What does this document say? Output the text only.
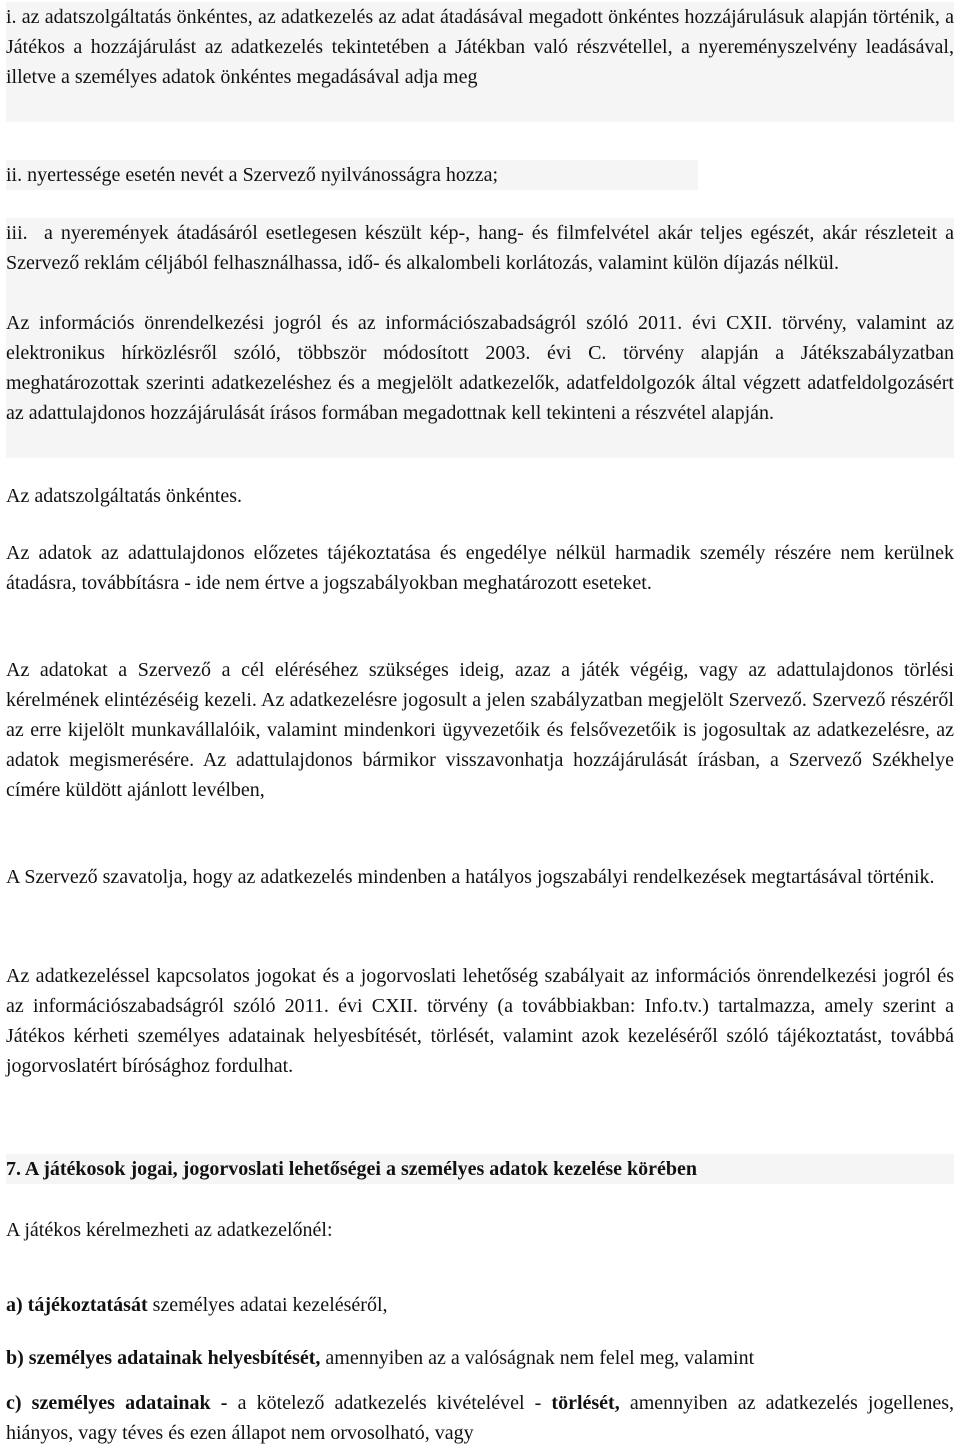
i. az adatszolgáltatás önkéntes, az adatkezelés az adat átadásával megadott önkéntes hozzájárulásuk alapján történik, a Játékos a hozzájárulást az adatkezelés tekintetében a Játékban való részvétellel, a nyereményszelvény leadásával, illetve a személyes adatok önkéntes megadásával adja meg

ii. nyertessége esetén nevét a Szervező nyilvánosságra hozza;

iii. a nyeremények átadásáról esetlegesen készült kép-, hang- és filmfelvétel akár teljes egészét, akár részleteit a Szervező reklám céljából felhasználhassa, idő- és alkalombeli korlátozás, valamint külön díjazás nélkül.

Az információs önrendelkezési jogról és az információszabadságról szóló 2011. évi CXII. törvény, valamint az elektronikus hírközlésről szóló, többször módosított 2003. évi C. törvény alapján a Játékszabályzatban meghatározottak szerinti adatkezeléshez és a megjelölt adatkezelők, adatfeldolgozók által végzett adatfeldolgozásért az adattulajdonos hozzájárulását írásos formában megadottnak kell tekinteni a részvétel alapján.

Az adatszolgáltatás önkéntes.

Az adatok az adattulajdonos előzetes tájékoztatása és engedélye nélkül harmadik személy részére nem kerülnek átadásra, továbbításra - ide nem értve a jogszabályokban meghatározott eseteket.

Az adatokat a Szervező a cél eléréséhez szükséges ideig, azaz a játék végéig, vagy az adattulajdonos törlési kérelmének elintézéséig kezeli. Az adatkezelésre jogosult a jelen szabályzatban megjelölt Szervező. Szervező részéről az erre kijelölt munkavállalóik, valamint mindenkori ügyvezetőik és felsővezetőik is jogosultak az adatkezelésre, az adatok megismerésére. Az adattulajdonos bármikor visszavonhatja hozzájárulását írásban, a Szervező Székhelye címére küldött ajánlott levélben,

A Szervező szavatolja, hogy az adatkezelés mindenben a hatályos jogszabályi rendelkezések megtartásával történik.

Az adatkezeléssel kapcsolatos jogokat és a jogorvoslati lehetőség szabályait az információs önrendelkezési jogról és az információszabadságról szóló 2011. évi CXII. törvény (a továbbiakban: Info.tv.) tartalmazza, amely szerint a Játékos kérheti személyes adatainak helyesbítését, törlését, valamint azok kezeléséről szóló tájékoztatást, továbbá jogorvoslatért bírósághoz fordulhat.

7. A játékosok jogai, jogorvoslati lehetőségei a személyes adatok kezelése körében

A játékos kérelmezheti az adatkezelőnél:

a) tájékoztatását személyes adatai kezeléséről,

b) személyes adatainak helyesbítését, amennyiben az a valóságnak nem felel meg, valamint

c) személyes adatainak - a kötelező adatkezelés kivételével - törlését, amennyiben az adatkezelés jogellenes, hiányos, vagy téves és ezen állapot nem orvosolható, vagy
